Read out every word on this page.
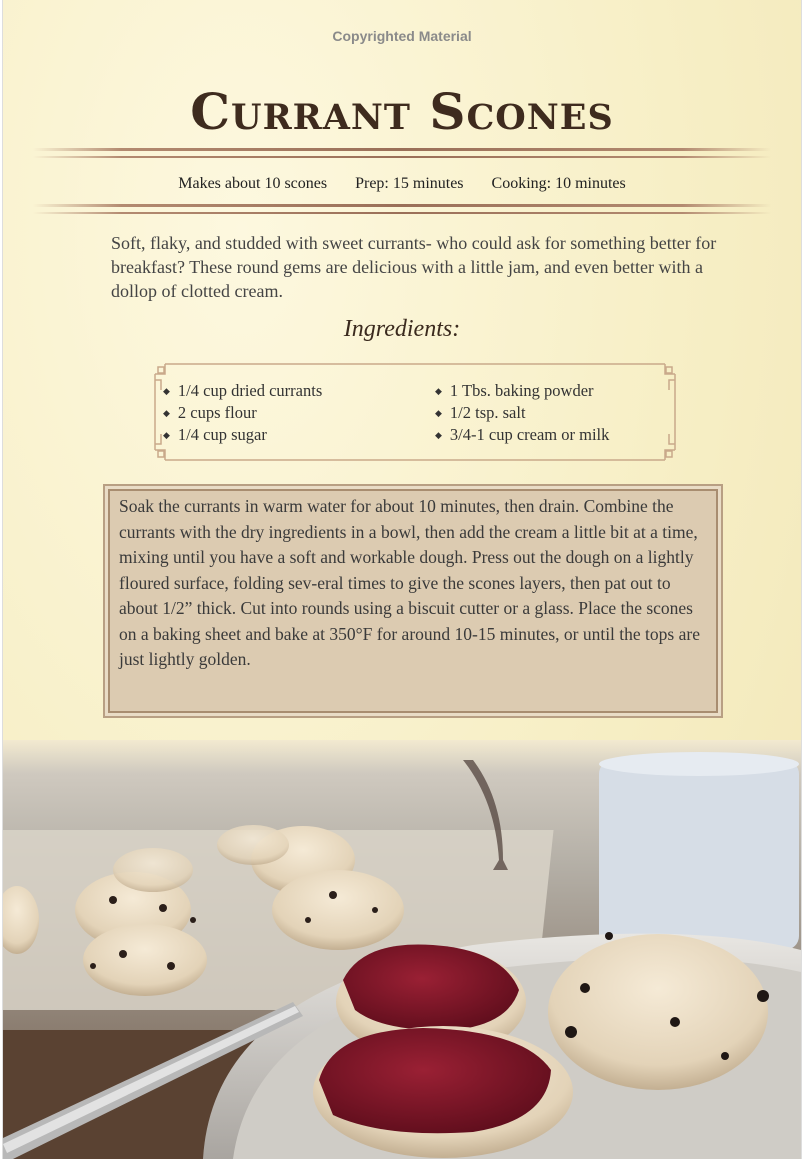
Copyrighted Material
Currant Scones
Makes about 10 scones Prep: 15 minutes Cooking: 10 minutes
Soft, flaky, and studded with sweet currants- who could ask for something better for breakfast? These round gems are delicious with a little jam, and even better with a dollop of clotted cream.
Ingredients:
◆ 1/4 cup dried currants
◆ 2 cups flour
◆ 1/4 cup sugar
◆ 1 Tbs. baking powder
◆ 1/2 tsp. salt
◆ 3/4-1 cup cream or milk

Soak the currants in warm water for about 10 minutes, then drain. Combine the currants with the dry ingredients in a bowl, then add the cream a little bit at a time, mixing until you have a soft and workable dough. Press out the dough on a lightly floured surface, folding sev-eral times to give the scones layers, then pat out to about 1/2” thick. Cut into rounds using a biscuit cutter or a glass. Place the scones on a baking sheet and bake at 350°F for around 10-15 minutes, or until the tops are just lightly golden.
